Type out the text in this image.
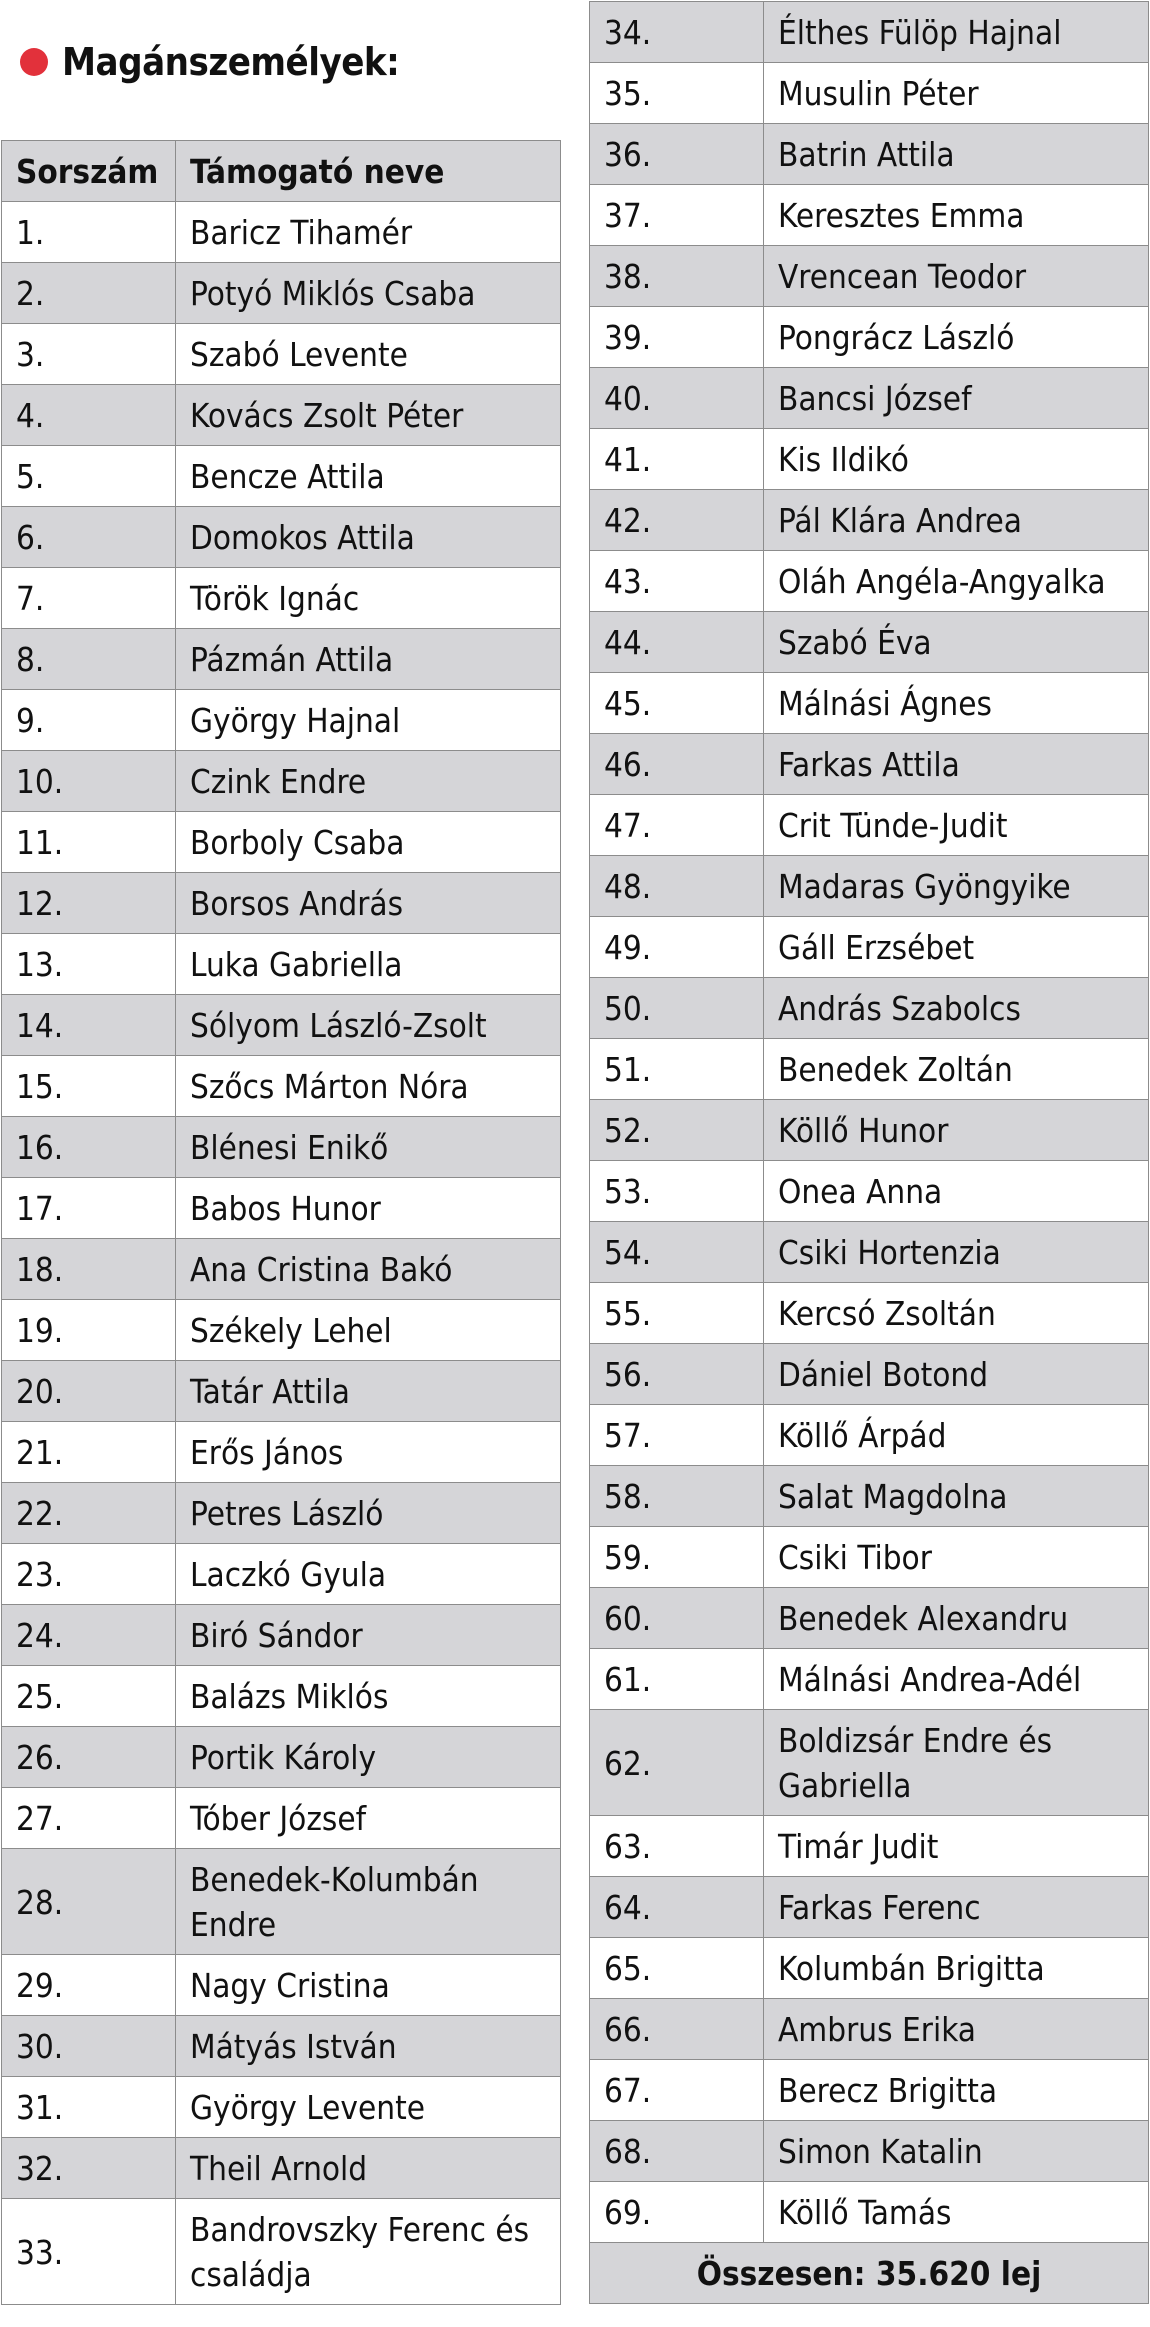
Magánszemélyek:
Sorszám	Támogató neve
1.	Baricz Tihamér
2.	Potyó Miklós Csaba
3.	Szabó Levente
4.	Kovács Zsolt Péter
5.	Bencze Attila
6.	Domokos Attila
7.	Török Ignác
8.	Pázmán Attila
9.	György Hajnal
10.	Czink Endre
11.	Borboly Csaba
12.	Borsos András
13.	Luka Gabriella
14.	Sólyom László-Zsolt
15.	Szőcs Márton Nóra
16.	Blénesi Enikő
17.	Babos Hunor
18.	Ana Cristina Bakó
19.	Székely Lehel
20.	Tatár Attila
21.	Erős János
22.	Petres László
23.	Laczkó Gyula
24.	Biró Sándor
25.	Balázs Miklós
26.	Portik Károly
27.	Tóber József
28.	Benedek-Kolumbán Endre
29.	Nagy Cristina
30.	Mátyás István
31.	György Levente
32.	Theil Arnold
33.	Bandrovszky Ferenc és családja
34.	Élthes Fülöp Hajnal
35.	Musulin Péter
36.	Batrin Attila
37.	Keresztes Emma
38.	Vrencean Teodor
39.	Pongrácz László
40.	Bancsi József
41.	Kis Ildikó
42.	Pál Klára Andrea
43.	Oláh Angéla-Angyalka
44.	Szabó Éva
45.	Málnási Ágnes
46.	Farkas Attila
47.	Crit Tünde-Judit
48.	Madaras Gyöngyike
49.	Gáll Erzsébet
50.	András Szabolcs
51.	Benedek Zoltán
52.	Köllő Hunor
53.	Onea Anna
54.	Csiki Hortenzia
55.	Kercsó Zsoltán
56.	Dániel Botond
57.	Köllő Árpád
58.	Salat Magdolna
59.	Csiki Tibor
60.	Benedek Alexandru
61.	Málnási Andrea-Adél
62.	Boldizsár Endre és Gabriella
63.	Timár Judit
64.	Farkas Ferenc
65.	Kolumbán Brigitta
66.	Ambrus Erika
67.	Berecz Brigitta
68.	Simon Katalin
69.	Köllő Tamás
Összesen: 35.620 lej	
